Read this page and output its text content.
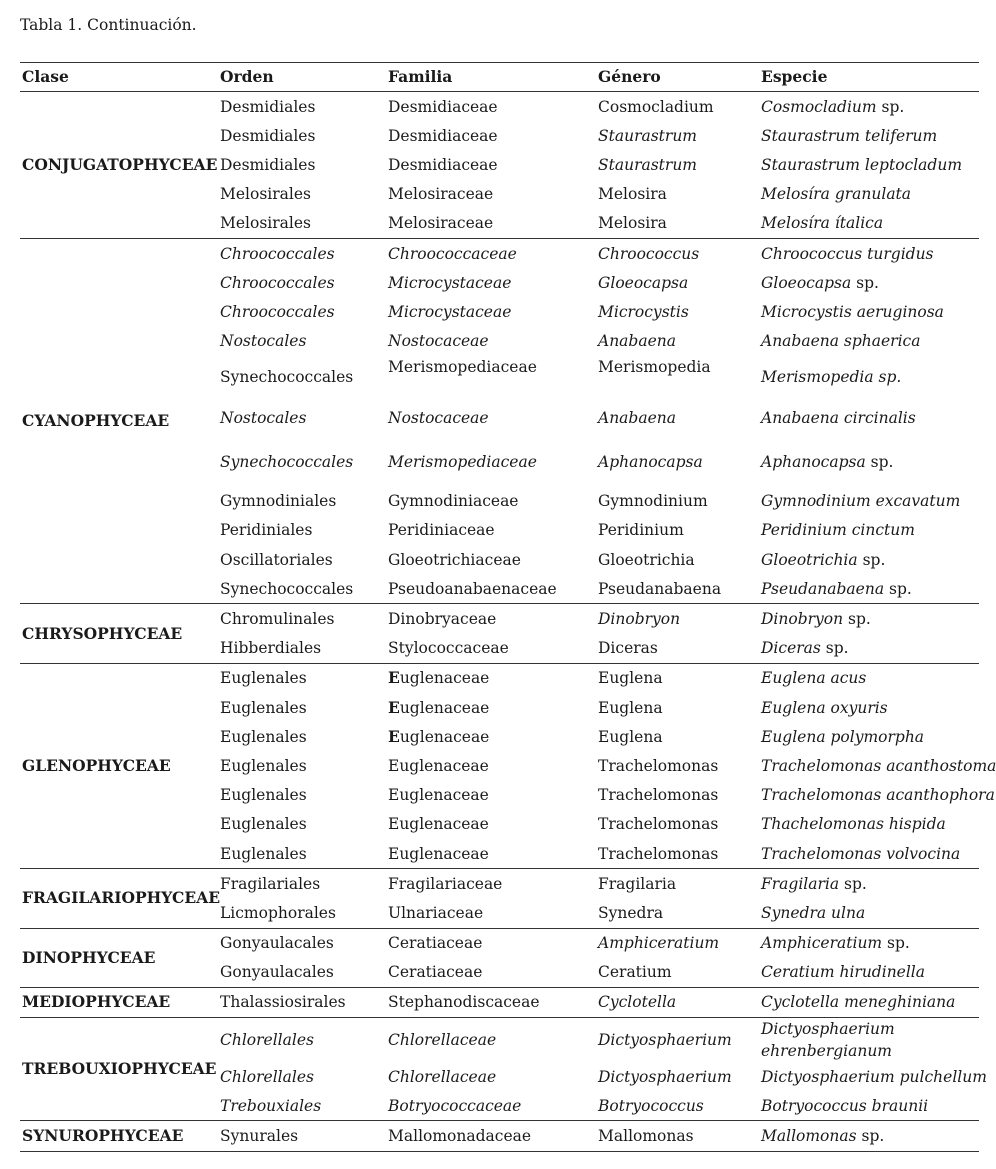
Tabla 1. Continuación.
Clase	Orden	Familia	Género	Especie
CONJUGATOPHYCEAE	Desmidiales	Desmidiaceae	Cosmocladium	Cosmocladium sp.
	Desmidiales	Desmidiaceae	Staurastrum	Staurastrum teliferum
	Desmidiales	Desmidiaceae	Staurastrum	Staurastrum leptocladum
	Melosirales	Melosiraceae	Melosira	Melosíra granulata
	Melosirales	Melosiraceae	Melosira	Melosíra ítalica
CYANOPHYCEAE	Chroococcales	Chroococcaceae	Chroococcus	Chroococcus turgidus
	Chroococcales	Microcystaceae	Gloeocapsa	Gloeocapsa sp.
	Chroococcales	Microcystaceae	Microcystis	Microcystis aeruginosa
	Nostocales	Nostocaceae	Anabaena	Anabaena sphaerica
	Synechococcales	Merismopediaceae	Merismopedia	Merismopedia sp.
	Nostocales	Nostocaceae	Anabaena	Anabaena circinalis
	Synechococcales	Merismopediaceae	Aphanocapsa	Aphanocapsa sp.
	Gymnodiniales	Gymnodiniaceae	Gymnodinium	Gymnodinium excavatum
	Peridiniales	Peridiniaceae	Peridinium	Peridinium cinctum
	Oscillatoriales	Gloeotrichiaceae	Gloeotrichia	Gloeotrichia sp.
	Synechococcales	Pseudoanabaenaceae	Pseudanabaena	Pseudanabaena sp.
CHRYSOPHYCEAE	Chromulinales	Dinobryaceae	Dinobryon	Dinobryon sp.
	Hibberdiales	Stylococcaceae	Diceras	Diceras sp.
GLENOPHYCEAE	Euglenales	Euglenaceae	Euglena	Euglena acus
	Euglenales	Euglenaceae	Euglena	Euglena oxyuris
	Euglenales	Euglenaceae	Euglena	Euglena polymorpha
	Euglenales	Euglenaceae	Trachelomonas	Trachelomonas acanthostoma
	Euglenales	Euglenaceae	Trachelomonas	Trachelomonas acanthophora
	Euglenales	Euglenaceae	Trachelomonas	Thachelomonas hispida
	Euglenales	Euglenaceae	Trachelomonas	Trachelomonas volvocina
FRAGILARIOPHYCEAE	Fragilariales	Fragilariaceae	Fragilaria	Fragilaria sp.
	Licmophorales	Ulnariaceae	Synedra	Synedra ulna
DINOPHYCEAE	Gonyaulacales	Ceratiaceae	Amphiceratium	Amphiceratium sp.
	Gonyaulacales	Ceratiaceae	Ceratium	Ceratium hirudinella
MEDIOPHYCEAE	Thalassiosirales	Stephanodiscaceae	Cyclotella	Cyclotella meneghiniana
TREBOUXIOPHYCEAE	Chlorellales	Chlorellaceae	Dictyosphaerium	Dictyosphaerium ehrenbergianum
	Chlorellales	Chlorellaceae	Dictyosphaerium	Dictyosphaerium pulchellum
	Trebouxiales	Botryococcaceae	Botryococcus	Botryococcus braunii
SYNUROPHYCEAE	Synurales	Mallomonadaceae	Mallomonas	Mallomonas sp.
